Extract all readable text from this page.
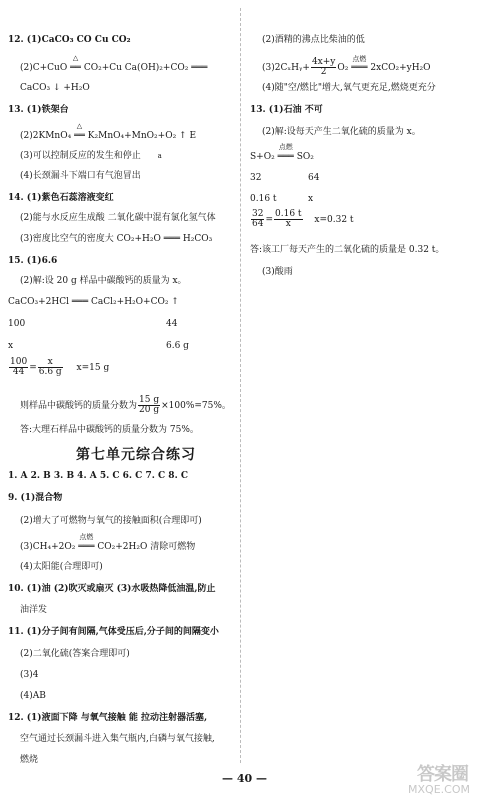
12. (1)CaCO₃ CO Cu CO₂
(2)C+CuO
△
══ CO₂+Cu Ca(OH)₂+CO₂ ═══
CaCO₃ ↓ +H₂O
13. (1)铁架台
(2)2KMnO₄
△
══ K₂MnO₄+MnO₂+O₂ ↑ E
(3)可以控制反应的发生和停止 a
(4)长颈漏斗下端口有气泡冒出
14. (1)紫色石蕊溶液变红
(2)能与水反应生成酸 二氧化碳中混有氯化氢气体
(3)密度比空气的密度大 CO₂+H₂O ═══ H₂CO₃
15. (1)6.6
(2)解:设 20 g 样品中碳酸钙的质量为 x。
CaCO₃+2HCl ═══ CaCl₂+H₂O+CO₂ ↑
100	44
x	6.6 g
$\frac{100}{44} = \frac{x}{6.6 g} x=15$ g
则样品中碳酸钙的质量分数为 $\frac{15 g}{20 g} \times 100\%=75\%$。
答:大理石样品中碳酸钙的质量分数为 75%。
第七单元综合练习
1. A 2. B 3. B 4. A 5. C 6. C 7. C 8. C
9. (1)混合物
(2)增大了可燃物与氧气的接触面积(合理即可)
(3)CH₄+2O₂
点燃
═══ CO₂+2H₂O 清除可燃物
(4)太阳能(合理即可)
10. (1)油 (2)吹灭或扇灭 (3)水吸热降低油温,防止
油洋发
11. (1)分子间有间隔,气体受压后,分子间的间隔变小
(2)二氧化硫(答案合理即可)
(3)4
(4)AB
12. (1)液面下降 与氧气接触 能 拉动注射器活塞,
空气通过长颈漏斗进入集气瓶内,白磷与氧气接触,
燃烧
(2)酒精的沸点比柴油的低
(3)2CₓHᵧ+ $\frac{4x+y}{2} O_2$
点燃
═══ 2xCO₂+yH₂O
(4)随"空/燃比"增大,氧气更充足,燃烧更充分
13. (1)石油 不可
(2)解:设每天产生二氧化硫的质量为 x。
S+O₂
点燃
═══ SO₂
32	64
0.16 t	x
$\frac{32}{64} = \frac{0.16 t}{x} x=0.32$ t
答:该工厂每天产生的二氧化硫的质量是 0.32 t。
(3)酸雨
— 40 —	答案圈
MXQE.COM
